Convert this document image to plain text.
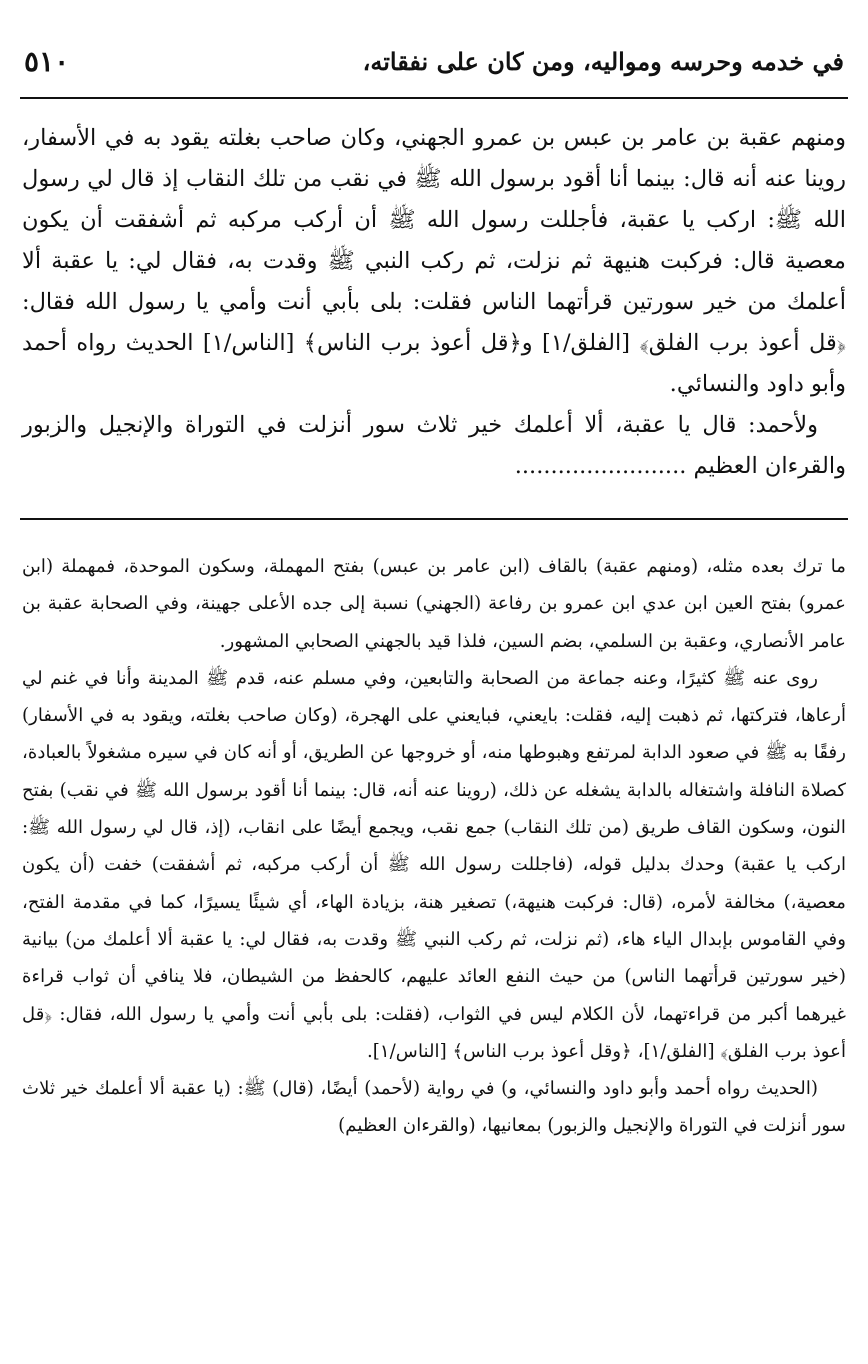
٥١٠	في خدمه وحرسه ومواليه، ومن كان على نفقاته،

ومنهم عقبة بن عامر بن عبس بن عمرو الجهني، وكان صاحب بغلته يقود به في الأسفار، روينا عنه أنه قال: بينما أنا أقود برسول الله ﷺ في نقب من تلك النقاب إذ قال لي رسول الله ﷺ: اركب يا عقبة، فأجللت رسول الله ﷺ أن أركب مركبه ثم أشفقت أن يكون معصية قال: فركبت هنيهة ثم نزلت، ثم ركب النبي ﷺ وقدت به، فقال لي: يا عقبة ألا أعلمك من خير سورتين قرأتهما الناس فقلت: بلى بأبي أنت وأمي يا رسول الله فقال: ﴿قل أعوذ برب الفلق﴾ [الفلق/١] و﴿قل أعوذ برب الناس﴾ [الناس/١] الحديث رواه أحمد وأبو داود والنسائي.

ولأحمد: قال يا عقبة، ألا أعلمك خير ثلاث سور أنزلت في التوراة والإنجيل والزبور والقرءان العظيم ........................

ما ترك بعده مثله، (ومنهم عقبة) بالقاف (ابن عامر بن عبس) بفتح المهملة، وسكون الموحدة، فمهملة (ابن عمرو) بفتح العين ابن عدي ابن عمرو بن رفاعة (الجهني) نسبة إلى جده الأعلى جهينة، وفي الصحابة عقبة بن عامر الأنصاري، وعقبة بن السلمي، بضم السين، فلذا قيد بالجهني الصحابي المشهور.

روى عنه ﷺ كثيرًا، وعنه جماعة من الصحابة والتابعين، وفي مسلم عنه، قدم ﷺ المدينة وأنا في غنم لي أرعاها، فتركتها، ثم ذهبت إليه، فقلت: بايعني، فبايعني على الهجرة، (وكان صاحب بغلته، ويقود به في الأسفار) رفقًا به ﷺ في صعود الدابة لمرتفع وهبوطها منه، أو خروجها عن الطريق، أو أنه كان في سيره مشغولاً بالعبادة، كصلاة النافلة واشتغاله بالدابة يشغله عن ذلك، (روينا عنه أنه، قال: بينما أنا أقود برسول الله ﷺ في نقب) بفتح النون، وسكون القاف طريق (من تلك النقاب) جمع نقب، ويجمع أيضًا على انقاب، (إذ، قال لي رسول الله ﷺ: اركب يا عقبة) وحدك بدليل قوله، (فاجللت رسول الله ﷺ أن أركب مركبه، ثم أشفقت) خفت (أن يكون معصية،) مخالفة لأمره، (قال: فركبت هنيهة،) تصغير هنة، بزيادة الهاء، أي شيئًا يسيرًا، كما في مقدمة الفتح، وفي القاموس بإبدال الياء هاء، (ثم نزلت، ثم ركب النبي ﷺ وقدت به، فقال لي: يا عقبة ألا أعلمك من) بيانية (خير سورتين قرأتهما الناس) من حيث النفع العائد عليهم، كالحفظ من الشيطان، فلا ينافي أن ثواب قراءة غيرهما أكبر من قراءتهما، لأن الكلام ليس في الثواب، (فقلت: بلى بأبي أنت وأمي يا رسول الله، فقال: ﴿قل أعوذ برب الفلق﴾ [الفلق/١]، ﴿وقل أعوذ برب الناس﴾ [الناس/١].

(الحديث رواه أحمد وأبو داود والنسائي، و) في رواية (لأحمد) أيضًا، (قال) ﷺ: (يا عقبة ألا أعلمك خير ثلاث سور أنزلت في التوراة والإنجيل والزبور) بمعانيها، (والقرءان العظيم)
